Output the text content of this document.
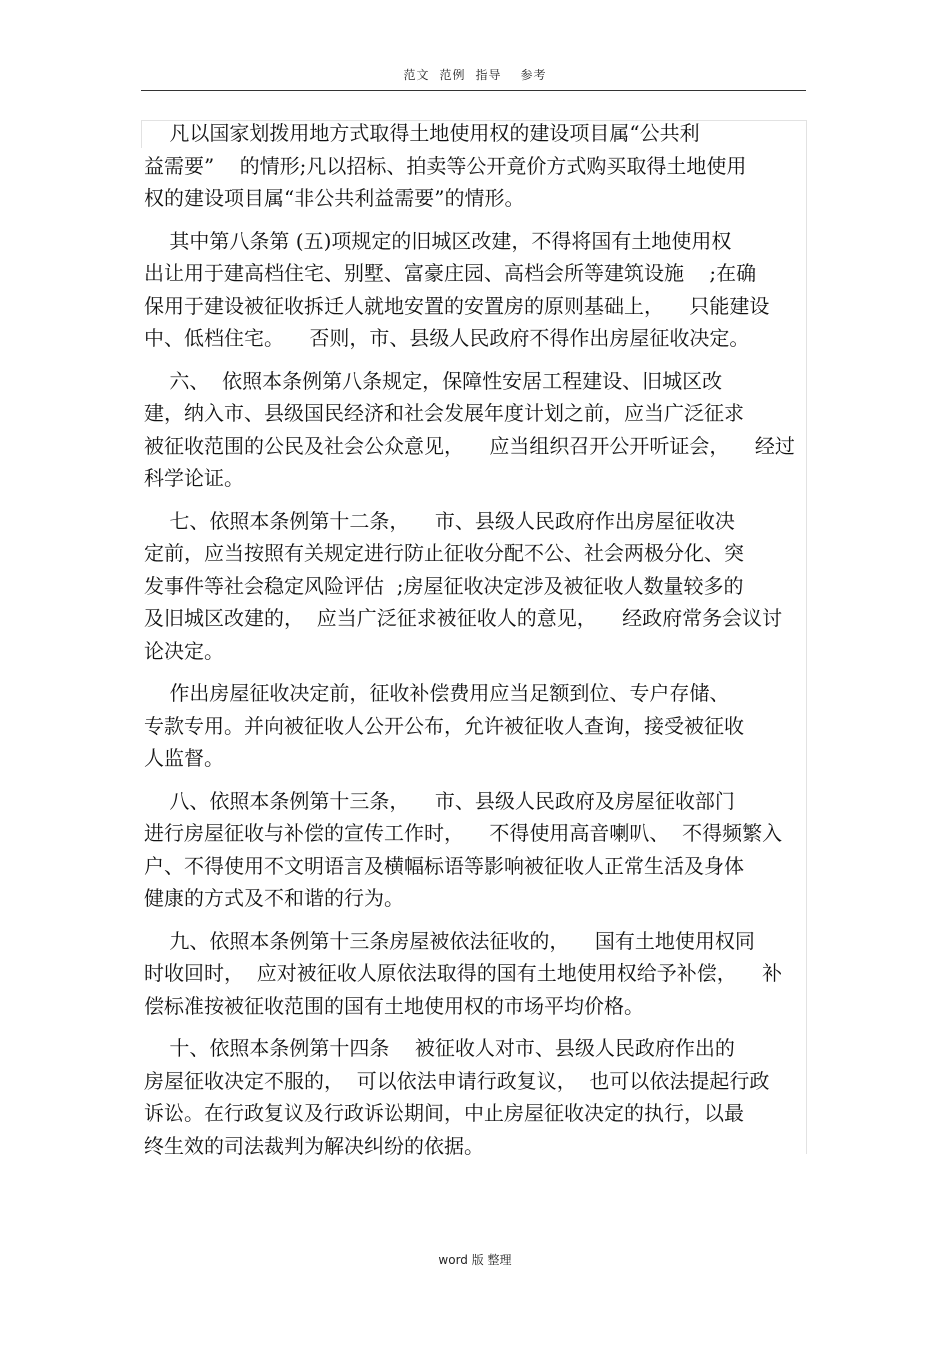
范文 范例 指导 参考
凡以国家划拨用地方式取得土地使用权的建设项目属“公共利
益需要”    的情形;凡以招标、拍卖等公开竟价方式购买取得土地使用
权的建设项目属“非公共利益需要”的情形。
其中第八条第 (五)项规定的旧城区改建，不得将国有土地使用权
出让用于建高档住宅、别墅、富豪庄园、高档会所等建筑设施    ;在确
保用于建设被征收拆迁人就地安置的安置房的原则基础上，    只能建设
中、低档住宅。    否则，市、县级人民政府不得作出房屋征收决定。
六、  依照本条例第八条规定，保障性安居工程建设、旧城区改
建，纳入市、县级国民经济和社会发展年度计划之前，应当广泛征求
被征收范围的公民及社会公众意见，    应当组织召开公开听证会，    经过
科学论证。
七、依照本条例第十二条，    市、县级人民政府作出房屋征收决
定前，应当按照有关规定进行防止征收分配不公、社会两极分化、突
发事件等社会稳定风险评估  ;房屋征收决定涉及被征收人数量较多的
及旧城区改建的，  应当广泛征求被征收人的意见，    经政府常务会议讨
论决定。
作出房屋征收决定前，征收补偿费用应当足额到位、专户存储、
专款专用。并向被征收人公开公布，允许被征收人查询，接受被征收
人监督。
八、依照本条例第十三条，    市、县级人民政府及房屋征收部门
进行房屋征收与补偿的宣传工作时，    不得使用高音喇叭、  不得频繁入
户、不得使用不文明语言及横幅标语等影响被征收人正常生活及身体
健康的方式及不和谐的行为。
九、依照本条例第十三条房屋被依法征收的，    国有土地使用权同
时收回时，  应对被征收人原依法取得的国有土地使用权给予补偿，    补
偿标准按被征收范围的国有土地使用权的市场平均价格。
十、依照本条例第十四条    被征收人对市、县级人民政府作出的
房屋征收决定不服的，  可以依法申请行政复议，  也可以依法提起行政
诉讼。在行政复议及行政诉讼期间，中止房屋征收决定的执行，以最
终生效的司法裁判为解决纠纷的依据。
word 版 整理
